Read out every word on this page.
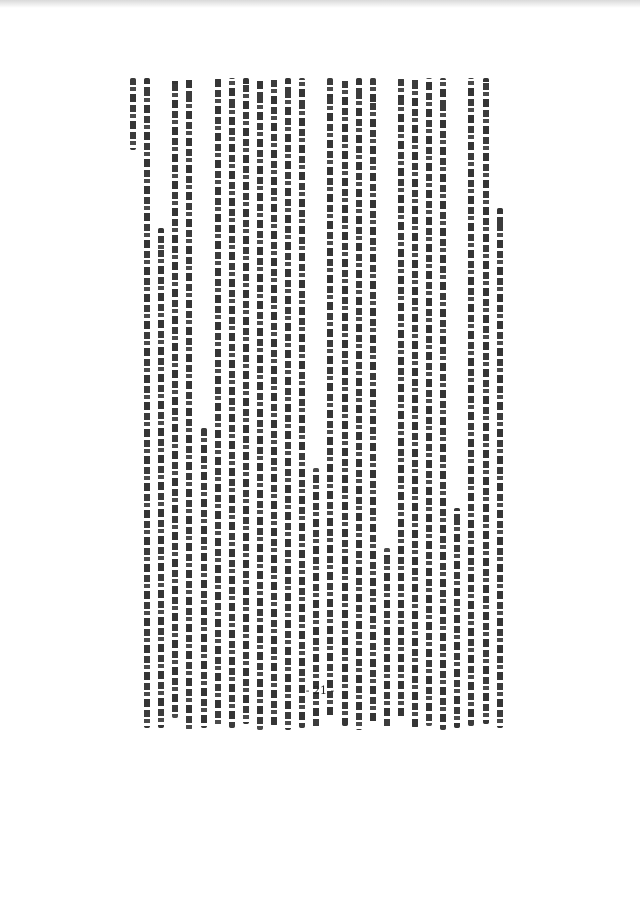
- 21 -
